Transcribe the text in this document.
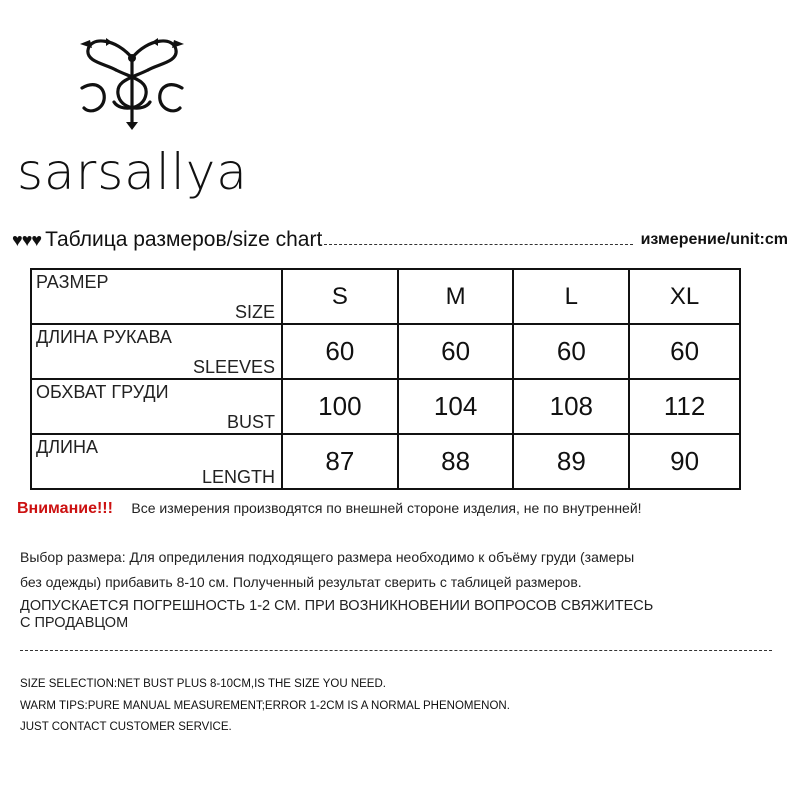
sarsallya
♥♥♥ Таблица размеров/size chart	измерение/unit:cm
РАЗМЕР
SIZE	S	M	L	XL

ДЛИНА РУКАВА
SLEEVES	60	60	60	60

ОБХВАТ ГРУДИ
BUST	100	104	108	112

ДЛИНА
LENGTH	87	88	89	90
Внимание!!! Все измерения производятся по внешней стороне изделия, не по внутренней!
Выбор размера: Для опредиления подходящего размера необходимо к объёму груди (замеры
без одежды) прибавить 8-10 см. Полученный результат сверить с таблицей размеров.
ДОПУСКАЕТСЯ ПОГРЕШНОСТЬ 1-2 СМ. ПРИ ВОЗНИКНОВЕНИИ ВОПРОСОВ СВЯЖИТЕСЬ
С ПРОДАВЦОМ
SIZE SELECTION:NET BUST PLUS 8-10CM,IS THE SIZE YOU NEED.
WARM TIPS:PURE MANUAL MEASUREMENT;ERROR 1-2CM IS A NORMAL PHENOMENON.
JUST CONTACT CUSTOMER SERVICE.
